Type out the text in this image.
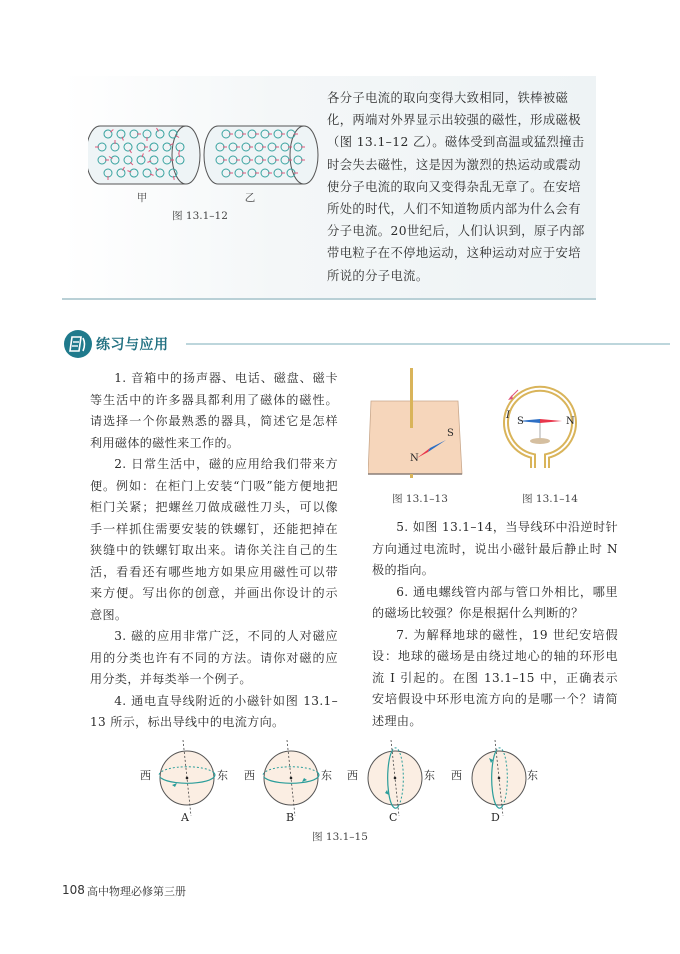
甲	乙
图 13.1–12
各分子电流的取向变得大致相同，铁棒被磁化，两端对外界显示出较强的磁性，形成磁极（图 13.1–12 乙）。磁体受到高温或猛烈撞击时会失去磁性，这是因为激烈的热运动或震动使分子电流的取向又变得杂乱无章了。在安培所处的时代，人们不知道物质内部为什么会有分子电流。20世纪后，人们认识到，原子内部带电粒子在不停地运动，这种运动对应于安培所说的分子电流。
练习与应用

1. 音箱中的扬声器、电话、磁盘、磁卡等生活中的许多器具都利用了磁体的磁性。请选择一个你最熟悉的器具，简述它是怎样利用磁体的磁性来工作的。

2. 日常生活中，磁的应用给我们带来方便。例如：在柜门上安装“门吸”能方便地把柜门关紧；把螺丝刀做成磁性刀头，可以像手一样抓住需要安装的铁螺钉，还能把掉在狭缝中的铁螺钉取出来。请你关注自己的生活，看看还有哪些地方如果应用磁性可以带来方便。写出你的创意，并画出你设计的示意图。

3. 磁的应用非常广泛，不同的人对磁应用的分类也许有不同的方法。请你对磁的应用分类，并每类举一个例子。

4. 通电直导线附近的小磁针如图 13.1–13 所示，标出导线中的电流方向。

S
N
图 13.1–13
I
S	N
图 13.1–14

5. 如图 13.1–14，当导线环中沿逆时针方向通过电流时，说出小磁针最后静止时 N 极的指向。

6. 通电螺线管内部与管口外相比，哪里的磁场比较强？你是根据什么判断的？

7. 为解释地球的磁性，19 世纪安培假设：地球的磁场是由绕过地心的轴的环形电流 I 引起的。在图 13.1–15 中，正确表示安培假设中环形电流方向的是哪一个？请简述理由。

西	东 西	东 西	东 西	东
A	B	C	D
图 13.1–15
108 高中物理必修第三册
